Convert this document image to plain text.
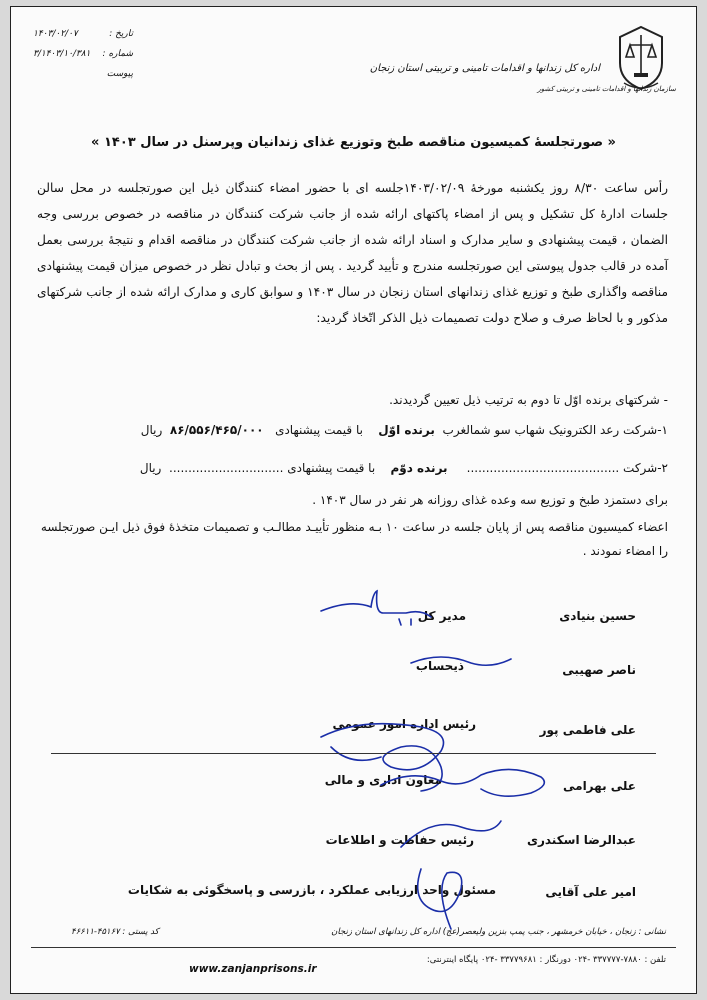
اداره کل زندانها و اقدامات تامینی و تربیتی استان زنجان
سازمان زندانها و اقدامات تامینی و تربیتی کشور
تاریخ :
۱۴۰۳/۰۲/۰۷
شماره :
۳/۱۴۰۳/۱۰/۳۸۱
پیوست
« صورتجلسهٔ کمیسیون مناقصه طبخ وتوزیع غذای زندانیان وپرسنل در سال ۱۴۰۳ »
رأس ساعت ۸/۳۰ روز یکشنبه مورخهٔ ۱۴۰۳/۰۲/۰۹جلسه ای با حضور امضاء کنندگان ذیل این صورتجلسه در محل سالن جلسات ادارهٔ کل تشکیل و پس از امضاء پاکتهای ارائه شده از جانب شرکت کنندگان در مناقصه در خصوص بررسی وجه الضمان ، قیمت پیشنهادی و سایر مدارک و اسناد ارائه شده از جانب شرکت کنندگان در مناقصه اقدام و نتیجهٔ بررسی بعمل آمده در قالب جدول پیوستی این صورتجلسه مندرج و تأیید گردید . پس از بحث و تبادل نظر در خصوص میزان قیمت پیشنهادی مناقصه واگذاری طبخ و توزیع غذای زندانهای استان زنجان در سال ۱۴۰۳ و سوابق کاری و مدارک ارائه شده از جانب شرکتهای مذکور و با لحاظ صرف و صلاح دولت تصمیمات ذیل الذکر اتّخاذ گردید:
- شرکتهای برنده اوّل تا دوم به ترتیب ذیل تعیین گردیدند.
۱-شرکت رعد الکترونیک شهاب سو شمالغرب  برنده اوّل    با قیمت پیشنهادی   ۸۶/۵۵۶/۴۶۵/۰۰۰  ریال
۲-شرکت ........................................     برنده دوّم    با قیمت پیشنهادی ..............................  ریال
برای دستمزد طبخ و توزیع سه وعده غذای روزانه هر نفر در سال ۱۴۰۳ .
اعضاء کمیسیون مناقصه پس از پایان جلسه در ساعت ۱۰ بـه منظور تأییـد مطالـب و تصمیمات متخذهٔ فوق ذیل ایـن صورتجلسه را امضاء نمودند .
حسین بنیادی
مدیر کل
ناصر صهیبی
ذیحساب
علی فاطمی پور
رئیس اداره امور عمومی
علی بهرامی
معاون اداری و مالی
عبدالرضا اسکندری
رئیس حفاظت و اطلاعات
امیر علی آقایی
مسئول واحد ارزیابی عملکرد ، بازرسی و پاسخگوئی به شکایات
نشانی : زنجان ، خیابان خرمشهر ، جنب پمپ بنزین ولیعصر(عج) اداره کل زندانهای استان زنجان
کد پستی : ۴۵۱۶۷-۴۶۶۱۱
تلفن : ۷۸۸۰-۳۳۷۷۷۷ -۰۲۴ دورنگار : ۳۳۷۷۹۶۸۱ -۰۲۴ پایگاه اینترنتی:
www.zanjanprisons.ir
